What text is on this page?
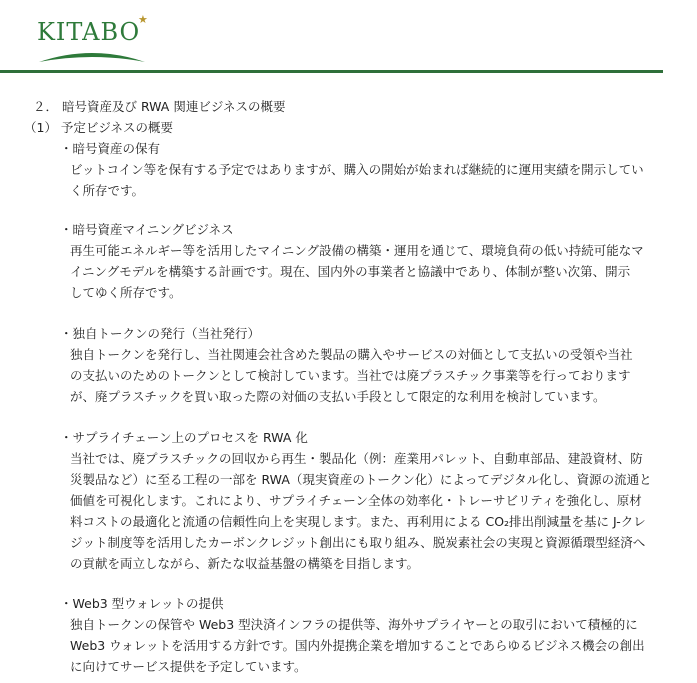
KITABO
★
２． 暗号資産及び RWA 関連ビジネスの概要
（1） 予定ビジネスの概要
・暗号資産の保有
ビットコイン等を保有する予定ではありますが、購入の開始が始まれば継続的に運用実績を開示してい
く所存です。
・暗号資産マイニングビジネス
再生可能エネルギー等を活用したマイニング設備の構築・運用を通じて、環境負荷の低い持続可能なマ
イニングモデルを構築する計画です。現在、国内外の事業者と協議中であり、体制が整い次第、開示
してゆく所存です。
・独自トークンの発行（当社発行）
独自トークンを発行し、当社関連会社含めた製品の購入やサービスの対価として支払いの受領や当社
の支払いのためのトークンとして検討しています。当社では廃プラスチック事業等を行っております
が、廃プラスチックを買い取った際の対価の支払い手段として限定的な利用を検討しています。
・サプライチェーン上のプロセスを RWA 化
当社では、廃プラスチックの回収から再生・製品化（例：産業用パレット、自動車部品、建設資材、防
災製品など）に至る工程の一部を RWA（現実資産のトークン化）によってデジタル化し、資源の流通と
価値を可視化します。これにより、サプライチェーン全体の効率化・トレーサビリティを強化し、原材
料コストの最適化と流通の信頼性向上を実現します。また、再利用による CO₂排出削減量を基に J-クレ
ジット制度等を活用したカーボンクレジット創出にも取り組み、脱炭素社会の実現と資源循環型経済へ
の貢献を両立しながら、新たな収益基盤の構築を目指します。
・Web3 型ウォレットの提供
独自トークンの保管や Web3 型決済インフラの提供等、海外サプライヤーとの取引において積極的に
Web3 ウォレットを活用する方針です。国内外提携企業を増加することであらゆるビジネス機会の創出
に向けてサービス提供を予定しています。
